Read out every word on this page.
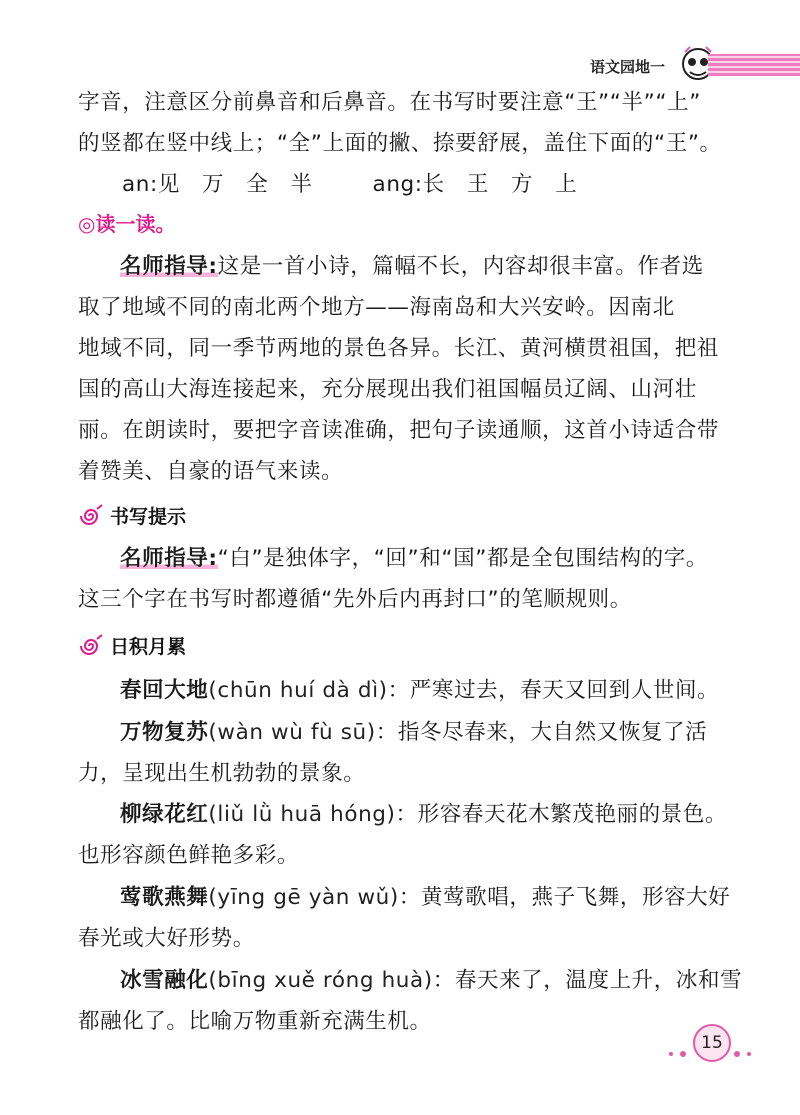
语文园地一
字音，注意区分前鼻音和后鼻音。在书写时要注意“王”“半”“上”
的竖都在竖中线上；“全”上面的撇、捺要舒展，盖住下面的“王”。
an:见　万　全　半	ang:长　王　方　上
◎读一读。
名师指导:这是一首小诗，篇幅不长，内容却很丰富。作者选
取了地域不同的南北两个地方——海南岛和大兴安岭。因南北
地域不同，同一季节两地的景色各异。长江、黄河横贯祖国，把祖
国的高山大海连接起来，充分展现出我们祖国幅员辽阔、山河壮
丽。在朗读时，要把字音读准确，把句子读通顺，这首小诗适合带
着赞美、自豪的语气来读。
书写提示
名师指导:“白”是独体字，“回”和“国”都是全包围结构的字。
这三个字在书写时都遵循“先外后内再封口”的笔顺规则。
日积月累
春回大地(chūn huí dà dì)：严寒过去，春天又回到人世间。
万物复苏(wàn wù fù sū)：指冬尽春来，大自然又恢复了活
力，呈现出生机勃勃的景象。
柳绿花红(liǔ lǜ huā hóng)：形容春天花木繁茂艳丽的景色。
也形容颜色鲜艳多彩。
莺歌燕舞(yīng gē yàn wǔ)：黄莺歌唱，燕子飞舞，形容大好
春光或大好形势。
冰雪融化(bīng xuě róng huà)：春天来了，温度上升，冰和雪
都融化了。比喻万物重新充满生机。
15
